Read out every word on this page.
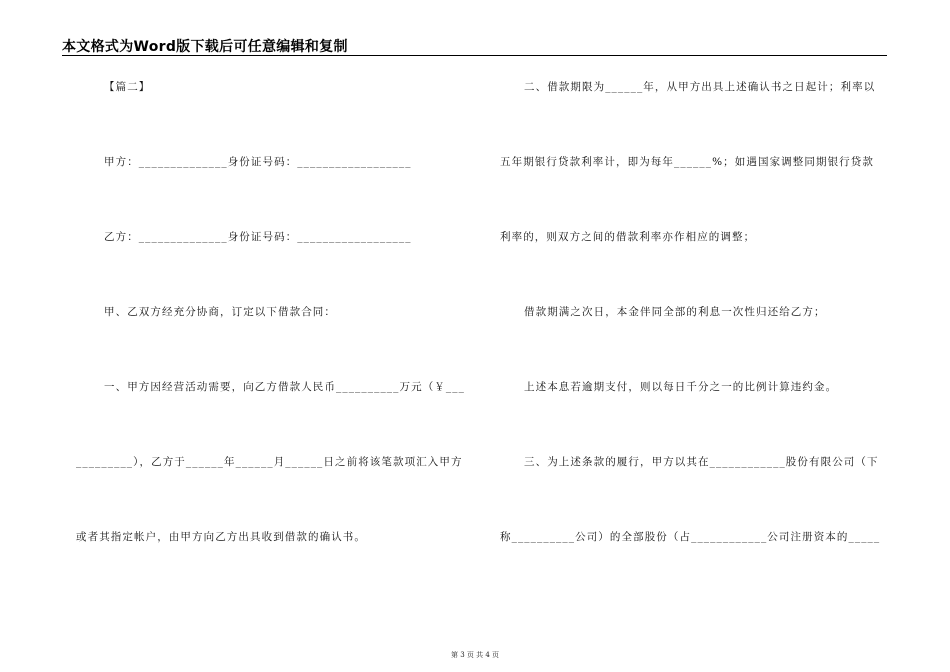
本文格式为Word版下载后可任意编辑和复制
【篇二】
甲方：______________身份证号码：__________________
乙方：______________身份证号码：__________________
甲、乙双方经充分协商，订定以下借款合同：
一、甲方因经营活动需要，向乙方借款人民币__________万元（￥___
_________），乙方于______年______月______日之前将该笔款项汇入甲方
或者其指定帐户，由甲方向乙方出具收到借款的确认书。
二、借款期限为______年，从甲方出具上述确认书之日起计；利率以
五年期银行贷款利率计，即为每年______%；如遇国家调整同期银行贷款
利率的，则双方之间的借款利率亦作相应的调整；
借款期满之次日，本金伴同全部的利息一次性归还给乙方；
上述本息若逾期支付，则以每日千分之一的比例计算违约金。
三、为上述条款的履行，甲方以其在____________股份有限公司（下
称__________公司）的全部股份（占____________公司注册资本的_____
第 3 页 共 4 页
